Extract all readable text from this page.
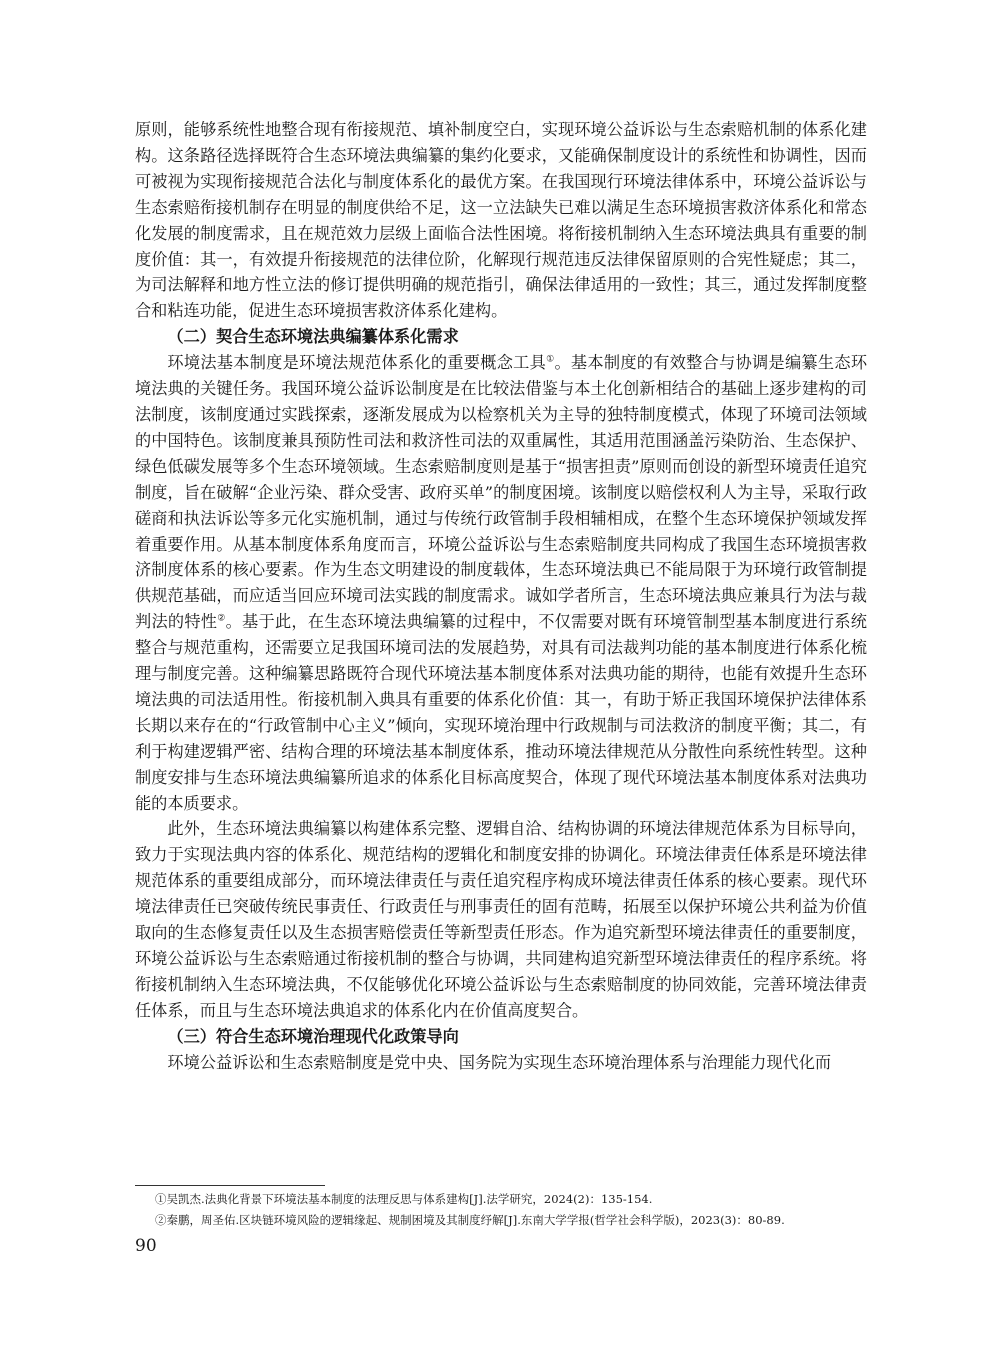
原则，能够系统性地整合现有衔接规范、填补制度空白，实现环境公益诉讼与生态索赔机制的体系化建构。这条路径选择既符合生态环境法典编纂的集约化要求，又能确保制度设计的系统性和协调性，因而可被视为实现衔接规范合法化与制度体系化的最优方案。在我国现行环境法律体系中，环境公益诉讼与生态索赔衔接机制存在明显的制度供给不足，这一立法缺失已难以满足生态环境损害救济体系化和常态化发展的制度需求，且在规范效力层级上面临合法性困境。将衔接机制纳入生态环境法典具有重要的制度价值：其一，有效提升衔接规范的法律位阶，化解现行规范违反法律保留原则的合宪性疑虑；其二，为司法解释和地方性立法的修订提供明确的规范指引，确保法律适用的一致性；其三，通过发挥制度整合和粘连功能，促进生态环境损害救济体系化建构。

（二）契合生态环境法典编纂体系化需求

环境法基本制度是环境法规范体系化的重要概念工具①。基本制度的有效整合与协调是编纂生态环境法典的关键任务。我国环境公益诉讼制度是在比较法借鉴与本土化创新相结合的基础上逐步建构的司法制度，该制度通过实践探索，逐渐发展成为以检察机关为主导的独特制度模式，体现了环境司法领域的中国特色。该制度兼具预防性司法和救济性司法的双重属性，其适用范围涵盖污染防治、生态保护、绿色低碳发展等多个生态环境领域。生态索赔制度则是基于“损害担责”原则而创设的新型环境责任追究制度，旨在破解“企业污染、群众受害、政府买单”的制度困境。该制度以赔偿权利人为主导，采取行政磋商和执法诉讼等多元化实施机制，通过与传统行政管制手段相辅相成，在整个生态环境保护领域发挥着重要作用。从基本制度体系角度而言，环境公益诉讼与生态索赔制度共同构成了我国生态环境损害救济制度体系的核心要素。作为生态文明建设的制度载体，生态环境法典已不能局限于为环境行政管制提供规范基础，而应适当回应环境司法实践的制度需求。诚如学者所言，生态环境法典应兼具行为法与裁判法的特性②。基于此，在生态环境法典编纂的过程中，不仅需要对既有环境管制型基本制度进行系统整合与规范重构，还需要立足我国环境司法的发展趋势，对具有司法裁判功能的基本制度进行体系化梳理与制度完善。这种编纂思路既符合现代环境法基本制度体系对法典功能的期待，也能有效提升生态环境法典的司法适用性。衔接机制入典具有重要的体系化价值：其一，有助于矫正我国环境保护法律体系长期以来存在的“行政管制中心主义”倾向，实现环境治理中行政规制与司法救济的制度平衡；其二，有利于构建逻辑严密、结构合理的环境法基本制度体系，推动环境法律规范从分散性向系统性转型。这种制度安排与生态环境法典编纂所追求的体系化目标高度契合，体现了现代环境法基本制度体系对法典功能的本质要求。

此外，生态环境法典编纂以构建体系完整、逻辑自洽、结构协调的环境法律规范体系为目标导向，致力于实现法典内容的体系化、规范结构的逻辑化和制度安排的协调化。环境法律责任体系是环境法律规范体系的重要组成部分，而环境法律责任与责任追究程序构成环境法律责任体系的核心要素。现代环境法律责任已突破传统民事责任、行政责任与刑事责任的固有范畴，拓展至以保护环境公共利益为价值取向的生态修复责任以及生态损害赔偿责任等新型责任形态。作为追究新型环境法律责任的重要制度，环境公益诉讼与生态索赔通过衔接机制的整合与协调，共同建构追究新型环境法律责任的程序系统。将衔接机制纳入生态环境法典，不仅能够优化环境公益诉讼与生态索赔制度的协同效能，完善环境法律责任体系，而且与生态环境法典追求的体系化内在价值高度契合。

（三）符合生态环境治理现代化政策导向

环境公益诉讼和生态索赔制度是党中央、国务院为实现生态环境治理体系与治理能力现代化而

①吴凯杰.法典化背景下环境法基本制度的法理反思与体系建构[J].法学研究，2024(2)：135-154.
②秦鹏，周圣佑.区块链环境风险的逻辑缘起、规制困境及其制度纾解[J].东南大学学报(哲学社会科学版)，2023(3)：80-89.
90
